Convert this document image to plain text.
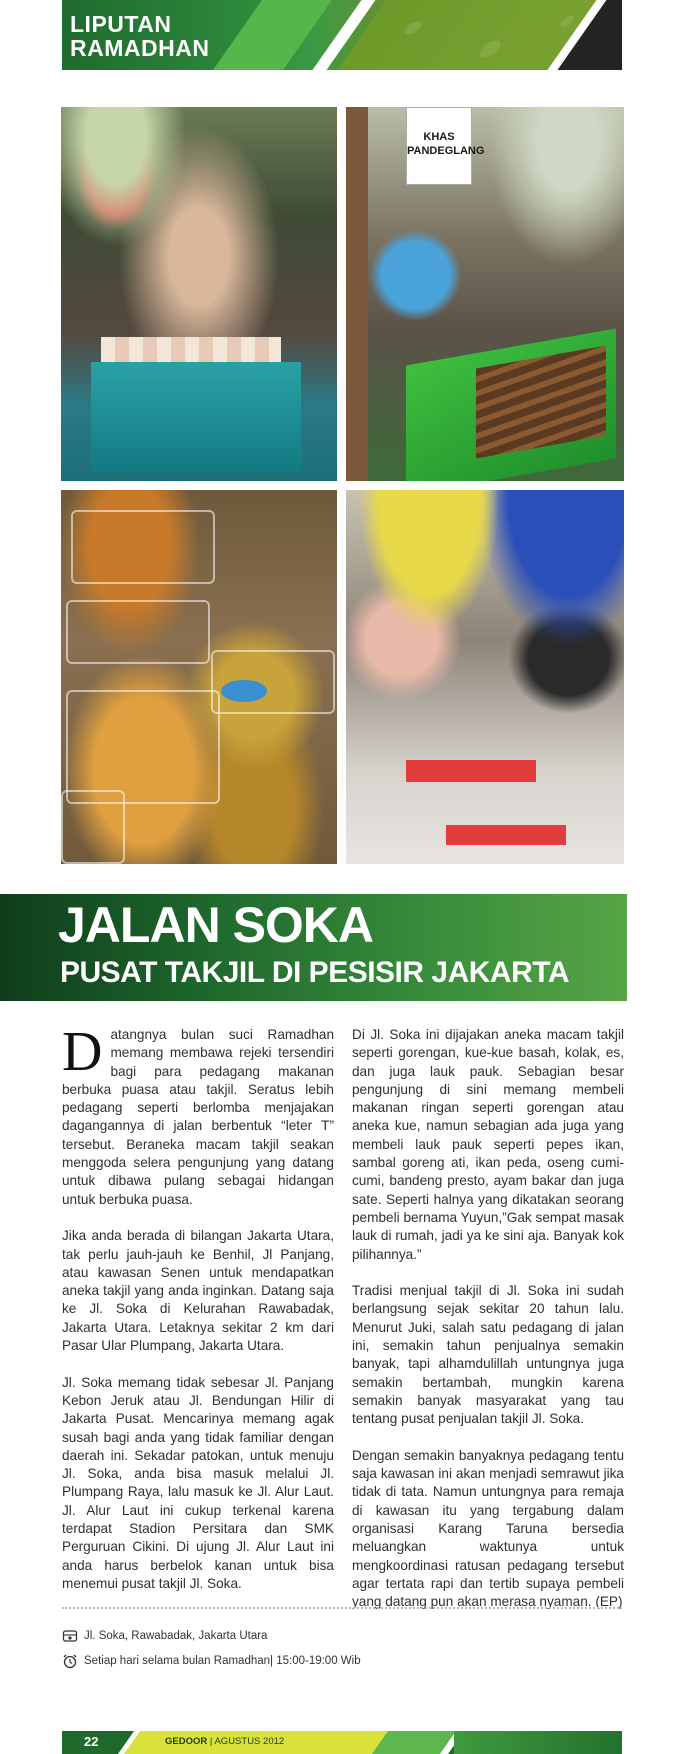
LIPUTAN
RAMADHAN
KHAS
PANDEGLANG
JALAN SOKA
PUSAT TAKJIL DI PESISIR JAKARTA

Datangnya bulan suci Ramadhan memang membawa rejeki tersendiri bagi para pedagang makanan berbuka puasa atau takjil. Seratus lebih pedagang seperti berlomba menjajakan dagangannya di jalan berbentuk “leter T” tersebut. Beraneka macam takjil seakan menggoda selera pengunjung yang datang untuk dibawa pulang sebagai hidangan untuk berbuka puasa.

Jika anda berada di bilangan Jakarta Utara, tak perlu jauh-jauh ke Benhil, Jl Panjang, atau kawasan Senen untuk mendapatkan aneka takjil yang anda inginkan. Datang saja ke Jl. Soka di Kelurahan Rawabadak, Jakarta Utara. Letaknya sekitar 2 km dari Pasar Ular Plumpang, Jakarta Utara.

Jl. Soka memang tidak sebesar Jl. Panjang Kebon Jeruk atau Jl. Bendungan Hilir di Jakarta Pusat. Mencarinya memang agak susah bagi anda yang tidak familiar dengan daerah ini. Sekadar patokan, untuk menuju Jl. Soka, anda bisa masuk melalui Jl. Plumpang Raya, lalu masuk ke Jl. Alur Laut. Jl. Alur Laut ini cukup terkenal karena terdapat Stadion Persitara dan SMK Perguruan Cikini. Di ujung Jl. Alur Laut ini anda harus berbelok kanan untuk bisa menemui pusat takjil Jl. Soka.

Di Jl. Soka ini dijajakan aneka macam takjil seperti gorengan, kue-kue basah, kolak, es, dan juga lauk pauk. Sebagian besar pengunjung di sini memang membeli makanan ringan seperti gorengan atau aneka kue, namun sebagian ada juga yang membeli lauk pauk seperti pepes ikan, sambal goreng ati, ikan peda, oseng cumi-cumi, bandeng presto, ayam bakar dan juga sate. Seperti halnya yang dikatakan seorang pembeli bernama Yuyun,”Gak sempat masak lauk di rumah, jadi ya ke sini aja. Banyak kok pilihannya.”

Tradisi menjual takjil di Jl. Soka ini sudah berlangsung sejak sekitar 20 tahun lalu. Menurut Juki, salah satu pedagang di jalan ini, semakin tahun penjualnya semakin banyak, tapi alhamdulillah untungnya juga semakin bertambah, mungkin karena semakin banyak masyarakat yang tau tentang pusat penjualan takjil Jl. Soka.

Dengan semakin banyaknya pedagang tentu saja kawasan ini akan menjadi semrawut jika tidak di tata. Namun untungnya para remaja di kawasan itu yang tergabung dalam organisasi Karang Taruna bersedia meluangkan waktunya untuk mengkoordinasi ratusan pedagang tersebut agar tertata rapi dan tertib supaya pembeli yang datang pun akan merasa nyaman. (EP)

Jl. Soka, Rawabadak, Jakarta Utara
Setiap hari selama bulan Ramadhan| 15:00-19:00 Wib
22	GEDOOR | AGUSTUS 2012
